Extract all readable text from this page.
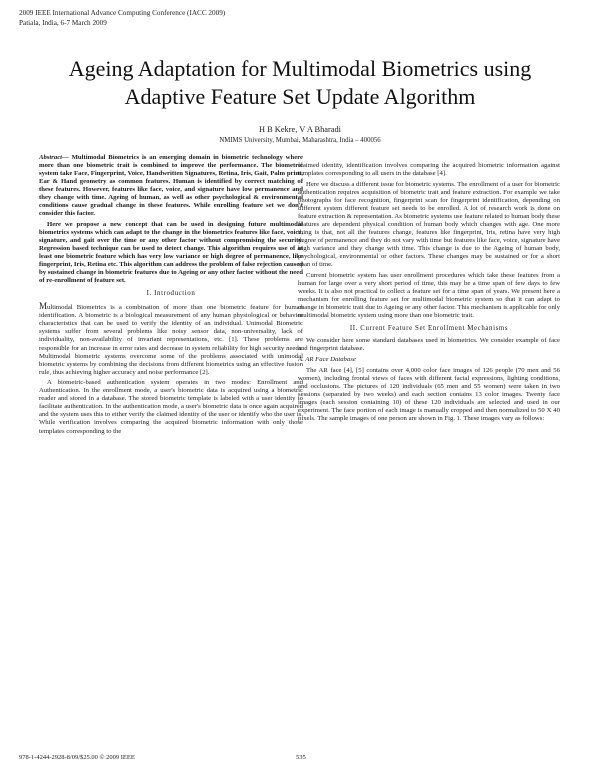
2009 IEEE International Advance Computing Conference (IACC 2009)
Patiala, India, 6-7 March 2009
Ageing Adaptation for Multimodal Biometrics using
Adaptive Feature Set Update Algorithm
H B Kekre, V A Bharadi
NMIMS University, Mumbai, Maharashtra, India – 400056

Abstract— Multimodal Biometrics is an emerging domain in biometric technology where more than one biometric trait is combined to improve the performance. The biometric system take Face, Fingerprint, Voice, Handwritten Signatures, Retina, Iris, Gait, Palm print, Ear & Hand geometry as common features. Human is identified by correct matching of these features. However, features like face, voice, and signature have low permanence and they change with time. Ageing of human, as well as other psychological & environmental conditions cause gradual change in these features. While enrolling feature set we don't consider this factor.

Here we propose a new concept that can be used in designing future multimodal biometrics systems which can adapt to the change in the biometrics features like face, voice, signature, and gait over the time or any other factor without compromising the security. Regression based technique can be used to detect change. This algorithm requires use of at least one biometric feature which has very low variance or high degree of permanence, like fingerprint, Iris, Retina etc. This algorithm can address the problem of false rejection caused by sustained change in biometric features due to Ageing or any other factor without the need of re-enrollment of feature set.

I. Introduction

Multimodal Biometrics is a combination of more than one biometric feature for human identification. A biometric is a biological measurement of any human physiological or behavior characteristics that can be used to verify the identity of an individual. Unimodal Biometric systems suffer from several problems like noisy sensor data, non-universality, lack of individuality, non-availability of invariant representations, etc. [1]. These problems are responsible for an increase in error rates and decrease in system reliability for high security needs. Multimodal biometric systems overcome some of the problems associated with unimodal biometric systems by combining the decisions from different biometrics using an effective fusion rule, thus achieving higher accuracy and noise performance [2].

A biometric-based authentication system operates in two modes: Enrollment and Authentication. In the enrollment mode, a user's biometric data is acquired using a biometric reader and stored in a database. The stored biometric template is labeled with a user identity to facilitate authentication. In the authentication mode, a user's biometric data is once again acquired and the system uses this to either verify the claimed identity of the user or identify who the user is. While verification involves comparing the acquired biometric information with only those templates corresponding to the

claimed identity, identification involves comparing the acquired biometric information against templates corresponding to all users in the database [4].

Here we discuss a different issue for biometric systems. The enrollment of a user for biometric authentication requires acquisition of biometric trait and feature extraction. For example we take photographs for face recognition, fingerprint scan for fingerprint identification, depending on different system different feature set needs to be enrolled. A lot of research work is done on feature extraction & representation. As biometric systems use feature related to human body these features are dependent physical condition of human body which changes with age. One more thing is that, not all the features change, features like fingerprint, Iris, retina have very high degree of permanence and they do not vary with time but features like face, voice, signature have high variance and they change with time. This change is due to the Ageing of human body, psychological, environmental or other factors. These changes may be sustained or for a short span of time.

Current biometric system has user enrollment procedures which take these features from a human for large over a very short period of time, this may be a time span of few days to few weeks. It is also not practical to collect a feature set for a time span of years. We present here a mechanism for enrolling feature set for multimodal biometric system so that it can adapt to change in biometric trait due to Ageing or any other factor. This mechanism is applicable for only multimodal biometric system using more than one biometric trait.

II. Current Feature Set Enrollment Mechanisms

We consider here some standard databases used in biometrics. We consider example of face and fingerprint database.

A. AR Face Database

The AR face [4], [5] contains over 4,000 color face images of 126 people (70 men and 56 women), including frontal views of faces with different facial expressions, lighting conditions, and occlusions. The pictures of 120 individuals (65 men and 55 women) were taken in two sessions (separated by two weeks) and each section contains 13 color images. Twenty face images (each session containing 10) of these 120 individuals are selected and used in our experiment. The face portion of each image is manually cropped and then normalized to 50 X 40 pixels. The sample images of one person are shown in Fig. 1. These images vary as follows:

978-1-4244-2928-8/09/$25.00 © 2009 IEEE	535
